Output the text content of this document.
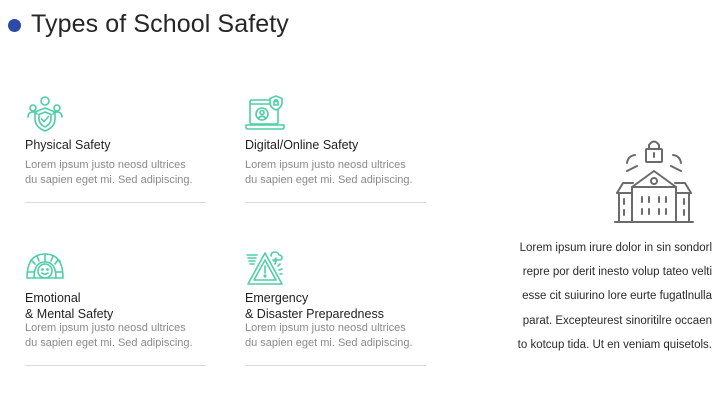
Types of School Safety
Physical Safety
Lorem ipsum justo neosd ultrices
du sapien eget mi. Sed adipiscing.
Digital/Online Safety
Lorem ipsum justo neosd ultrices
du sapien eget mi. Sed adipiscing.
Emotional
& Mental Safety
Lorem ipsum justo neosd ultrices
du sapien eget mi. Sed adipiscing.
Emergency
& Disaster Preparedness
Lorem ipsum justo neosd ultrices
du sapien eget mi. Sed adipiscing.
Lorem ipsum irure dolor in sin sondorl
repre por derit inesto volup tateo velti
esse cit suiurino lore eurte fugatlnulla
parat. Excepteurest sinoritilre occaen
to kotcup tida. Ut en veniam quisetols.
